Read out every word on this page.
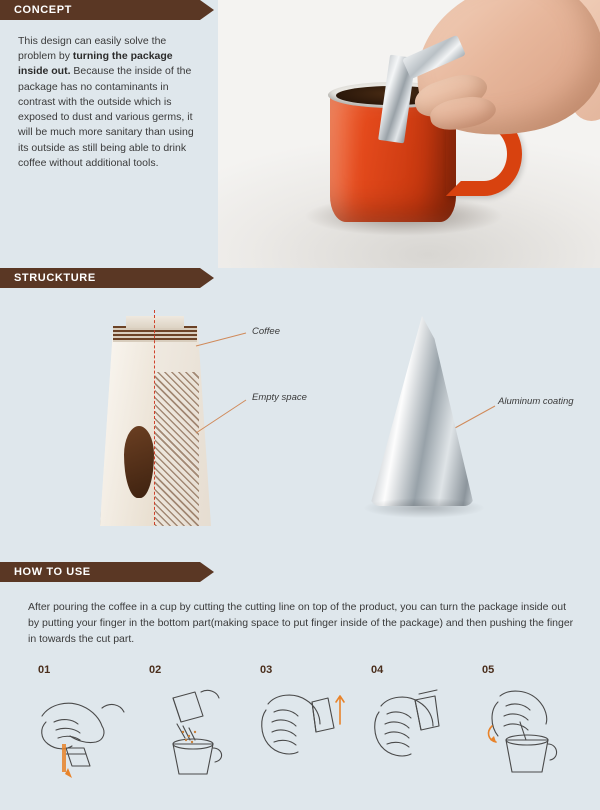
CONCEPT
This design can easily solve the problem by turning the package inside out. Because the inside of the package has no contaminants in contrast with the outside which is exposed to dust and various germs, it will be much more sanitary than using its outside as still being able to drink coffee without additional tools.
STRUCKTURE
Coffee
Empty space	Aluminum coating
HOW TO USE
After pouring the coffee in a cup by cutting the cutting line on top of the product, you can turn the package inside out by putting your finger in the bottom part(making space to put finger inside of the package) and then pushing the finger in towards the cut part.
01	02	03	04	05
